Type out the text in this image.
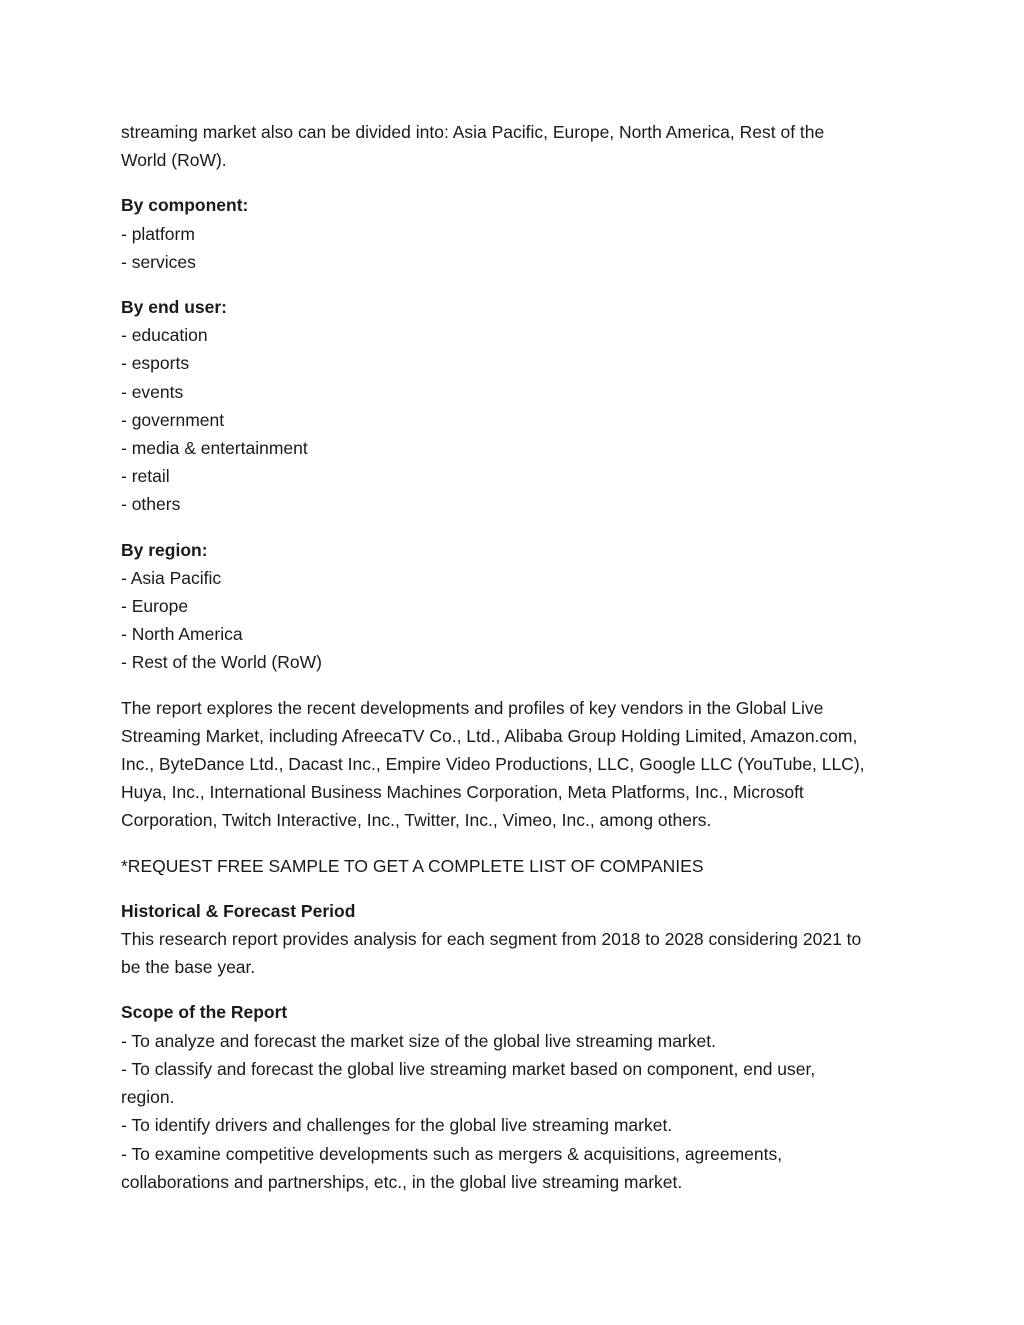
streaming market also can be divided into: Asia Pacific, Europe, North America, Rest of the
World (RoW).
By component:
- platform
- services
By end user:
- education
- esports
- events
- government
- media & entertainment
- retail
- others
By region:
- Asia Pacific
- Europe
- North America
- Rest of the World (RoW)
The report explores the recent developments and profiles of key vendors in the Global Live
Streaming Market, including AfreecaTV Co., Ltd., Alibaba Group Holding Limited, Amazon.com,
Inc., ByteDance Ltd., Dacast Inc., Empire Video Productions, LLC, Google LLC (YouTube, LLC),
Huya, Inc., International Business Machines Corporation, Meta Platforms, Inc., Microsoft
Corporation, Twitch Interactive, Inc., Twitter, Inc., Vimeo, Inc., among others.
*REQUEST FREE SAMPLE TO GET A COMPLETE LIST OF COMPANIES
Historical & Forecast Period
This research report provides analysis for each segment from 2018 to 2028 considering 2021 to
be the base year.
Scope of the Report
- To analyze and forecast the market size of the global live streaming market.
- To classify and forecast the global live streaming market based on component, end user,
region.
- To identify drivers and challenges for the global live streaming market.
- To examine competitive developments such as mergers & acquisitions, agreements,
collaborations and partnerships, etc., in the global live streaming market.
